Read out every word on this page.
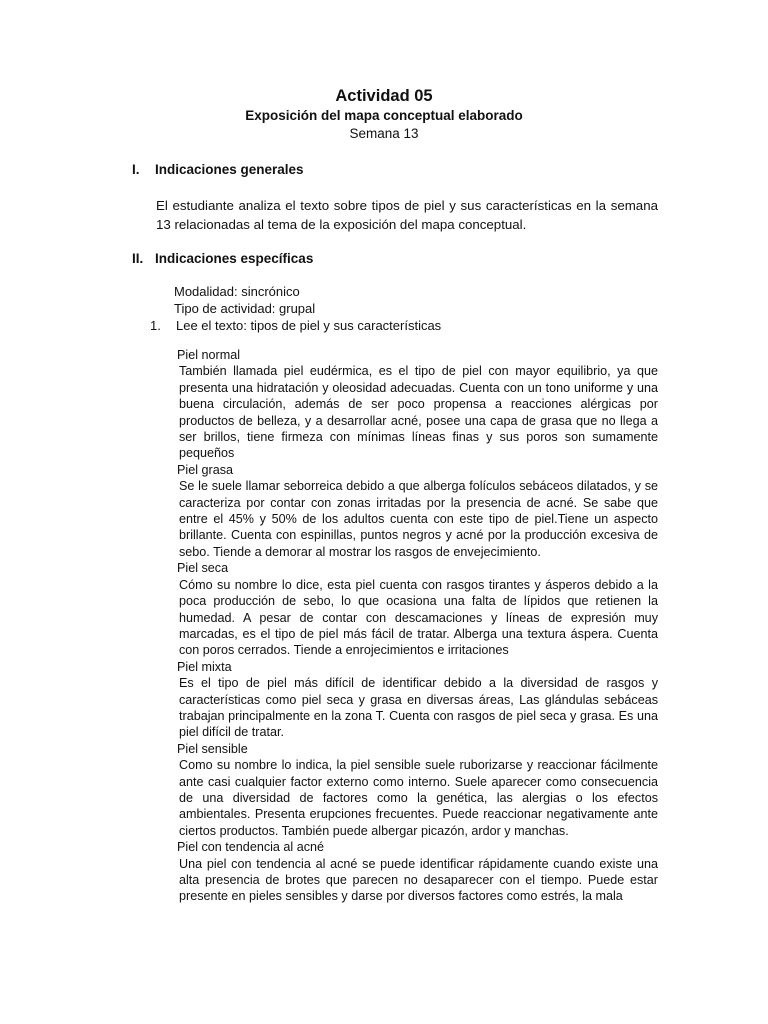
Actividad 05
Exposición del mapa conceptual elaborado
Semana 13
I. Indicaciones generales
El estudiante analiza el texto sobre tipos de piel y sus características en la semana 13 relacionadas al tema de la exposición del mapa conceptual.
II. Indicaciones específicas
Modalidad: sincrónico
Tipo de actividad: grupal
1. Lee el texto: tipos de piel y sus características
Piel normal

También llamada piel eudérmica, es el tipo de piel con mayor equilibrio, ya que presenta una hidratación y oleosidad adecuadas. Cuenta con un tono uniforme y una buena circulación, además de ser poco propensa a reacciones alérgicas por productos de belleza, y a desarrollar acné, posee una capa de grasa que no llega a ser brillos, tiene firmeza con mínimas líneas finas y sus poros son sumamente pequeños

Piel grasa

Se le suele llamar seborreica debido a que alberga folículos sebáceos dilatados, y se caracteriza por contar con zonas irritadas por la presencia de acné. Se sabe que entre el 45% y 50% de los adultos cuenta con este tipo de piel.Tiene un aspecto brillante. Cuenta con espinillas, puntos negros y acné por la producción excesiva de sebo. Tiende a demorar al mostrar los rasgos de envejecimiento.

Piel seca

Cómo su nombre lo dice, esta piel cuenta con rasgos tirantes y ásperos debido a la poca producción de sebo, lo que ocasiona una falta de lípidos que retienen la humedad. A pesar de contar con descamaciones y líneas de expresión muy marcadas, es el tipo de piel más fácil de tratar. Alberga una textura áspera. Cuenta con poros cerrados. Tiende a enrojecimientos e irritaciones

Piel mixta

Es el tipo de piel más difícil de identificar debido a la diversidad de rasgos y características como piel seca y grasa en diversas áreas, Las glándulas sebáceas trabajan principalmente en la zona T. Cuenta con rasgos de piel seca y grasa. Es una piel difícil de tratar.

Piel sensible

Como su nombre lo indica, la piel sensible suele ruborizarse y reaccionar fácilmente ante casi cualquier factor externo como interno. Suele aparecer como consecuencia de una diversidad de factores como la genética, las alergias o los efectos ambientales. Presenta erupciones frecuentes. Puede reaccionar negativamente ante ciertos productos. También puede albergar picazón, ardor y manchas.

Piel con tendencia al acné

Una piel con tendencia al acné se puede identificar rápidamente cuando existe una alta presencia de brotes que parecen no desaparecer con el tiempo. Puede estar presente en pieles sensibles y darse por diversos factores como estrés, la mala
